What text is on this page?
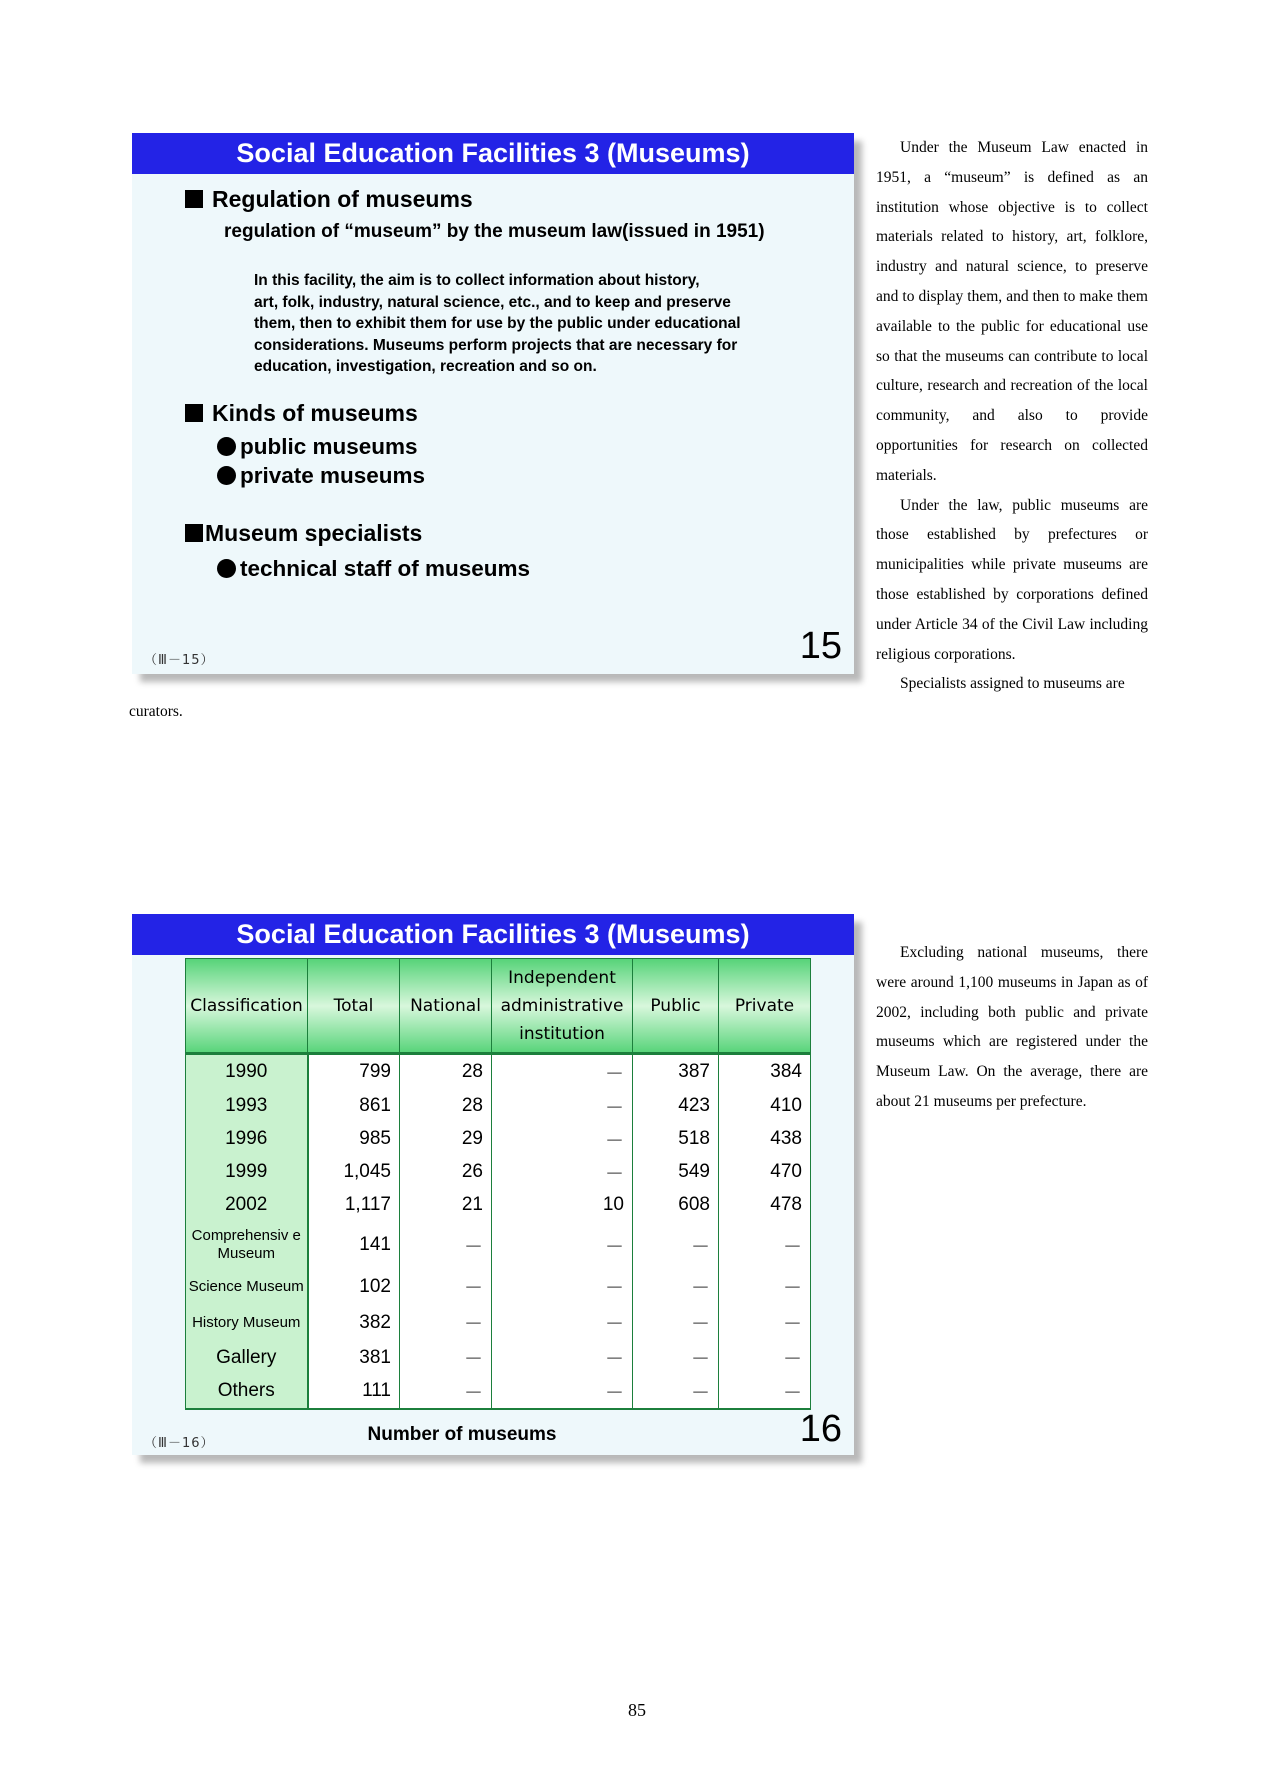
Social Education Facilities 3 (Museums)
Regulation of museums
regulation of “museum” by the museum law(issued in 1951)
In this facility, the aim is to collect information about history,
art, folk, industry, natural science, etc., and to keep and preserve
them, then to exhibit them for use by the public under educational
considerations. Museums perform projects that are necessary for
education, investigation, recreation and so on.
Kinds of museums
public museums
private museums
Museum specialists
technical staff of museums
（Ⅲ－15）	15

Under the Museum Law enacted in 1951, a “museum” is defined as an institution whose objective is to collect materials related to history, art, folklore, industry and natural science, to preserve and to display them, and then to make them available to the public for educational use so that the museums can contribute to local culture, research and recreation of the local community, and also to provide opportunities for research on collected materials.

Under the law, public museums are those established by prefectures or municipalities while private museums are those established by corporations defined under Article 34 of the Civil Law including religious corporations.

Specialists assigned to museums are

curators.
Social Education Facilities 3 (Museums)
Classification	Total	National	Independent administrative institution	Public	Private
1990	799	28	－	387	384
1993	861	28	－	423	410
1996	985	29	－	518	438
1999	1,045	26	－	549	470
2002	1,117	21	10	608	478
Comprehensiv e Museum	141	－	－	－	－
Science Museum	102	－	－	－	－
History Museum	382	－	－	－	－
Gallery	381	－	－	－	－
Others	111	－	－	－	－
Number of museums
（Ⅲ－16）	16

Excluding national museums, there were around 1,100 museums in Japan as of 2002, including both public and private museums which are registered under the Museum Law. On the average, there are about 21 museums per prefecture.

85
